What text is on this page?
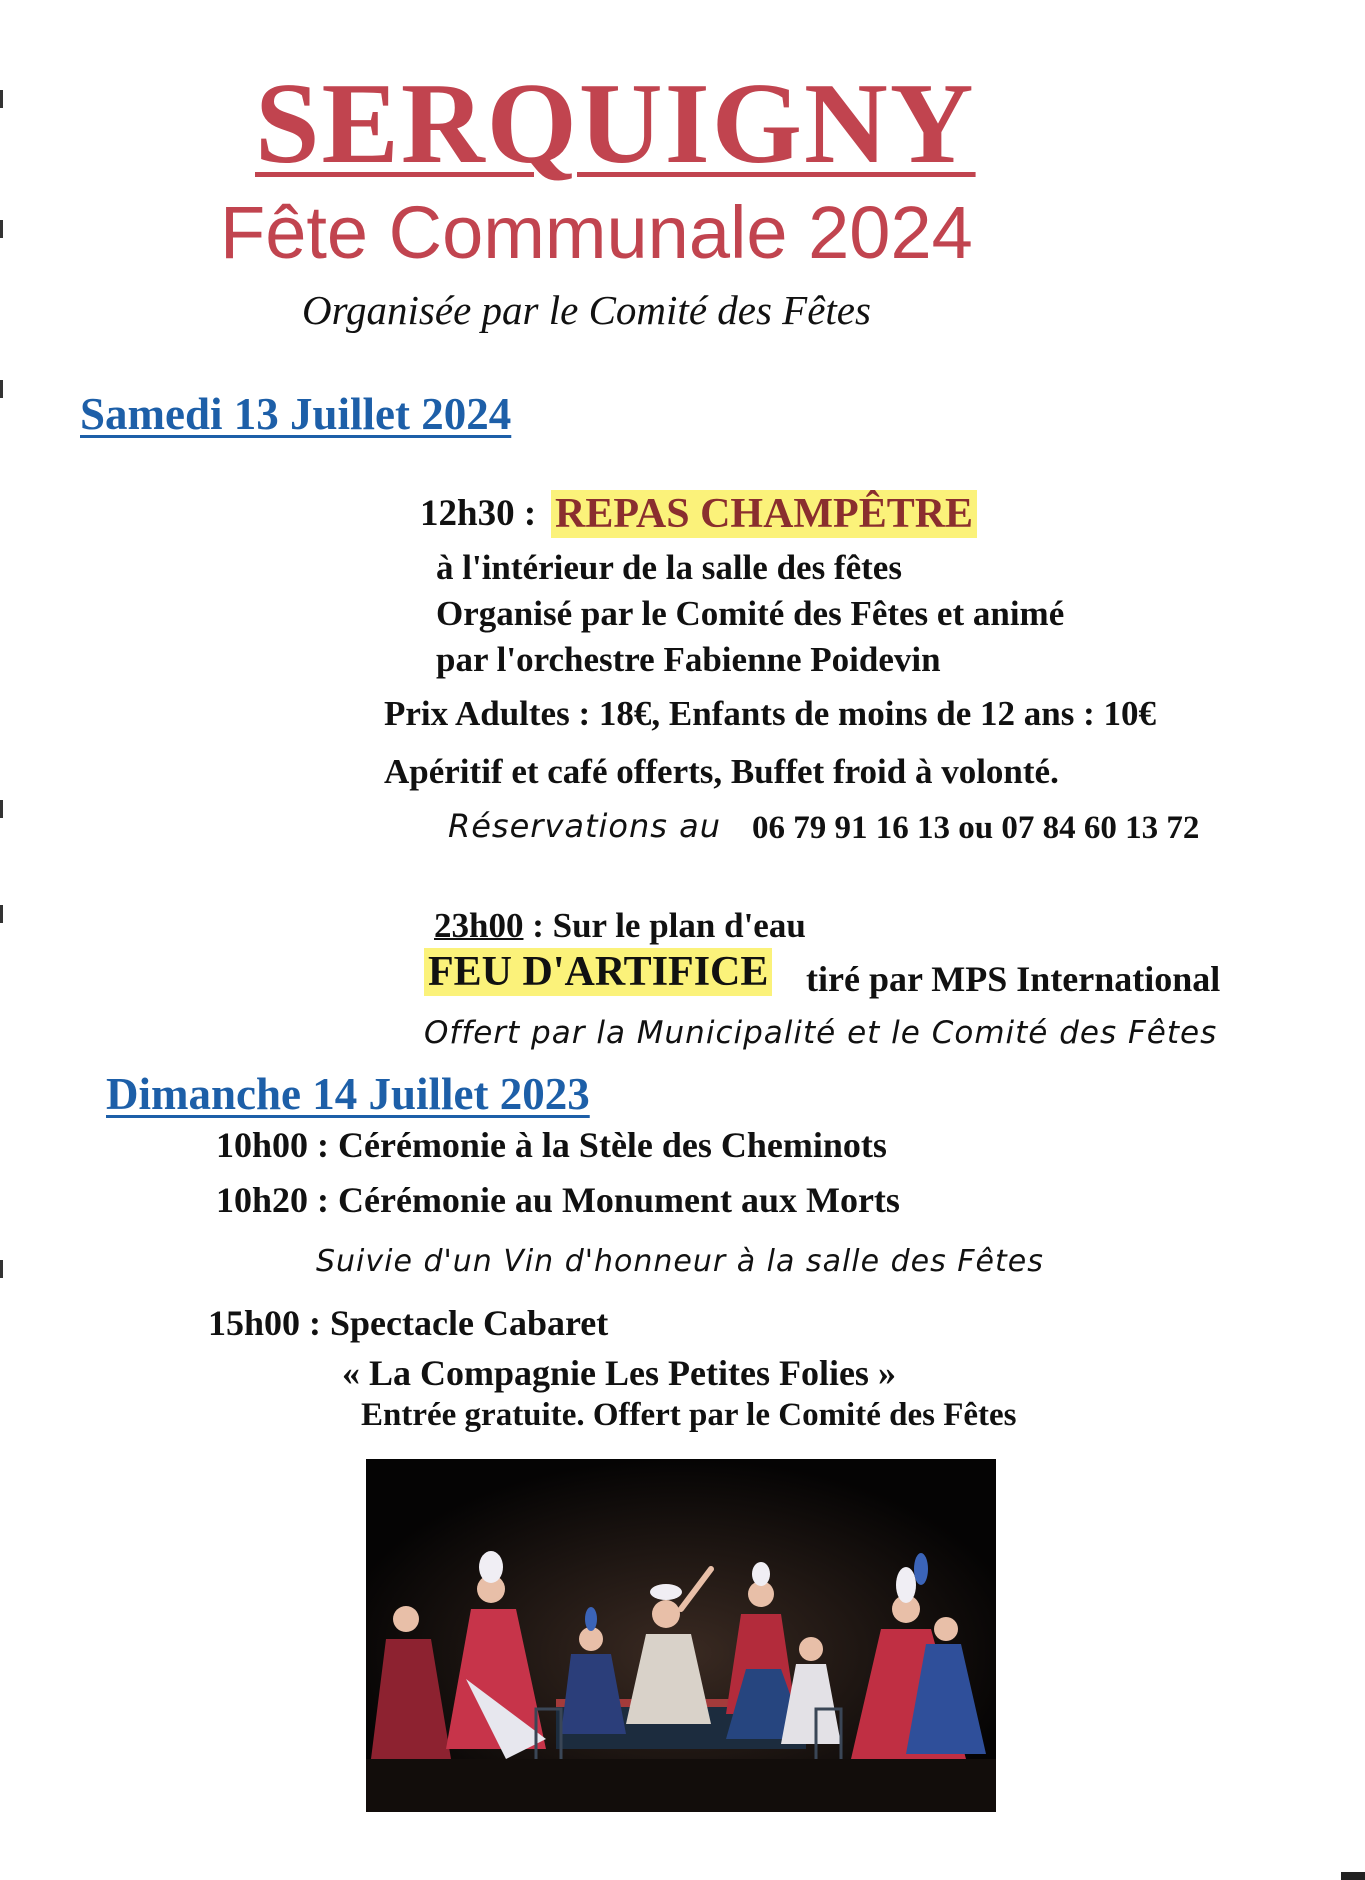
SERQUIGNY
Fête Communale 2024
Organisée par le Comité des Fêtes
Samedi 13 Juillet 2024
12h30 : REPAS CHAMPÊTRE
à l'intérieur de la salle des fêtes
Organisé par le Comité des Fêtes et animé
par l'orchestre Fabienne Poidevin
Prix Adultes : 18€, Enfants de moins de 12 ans : 10€
Apéritif et café offerts, Buffet froid à volonté.
Réservations au 06 79 91 16 13 ou 07 84 60 13 72
23h00 : Sur le plan d'eau
FEU D'ARTIFICE tiré par MPS International
Offert par la Municipalité et le Comité des Fêtes
Dimanche 14 Juillet 2023
10h00 : Cérémonie à la Stèle des Cheminots
10h20 : Cérémonie au Monument aux Morts
Suivie d'un Vin d'honneur à la salle des Fêtes
15h00 : Spectacle Cabaret
« La Compagnie Les Petites Folies »
Entrée gratuite. Offert par le Comité des Fêtes
